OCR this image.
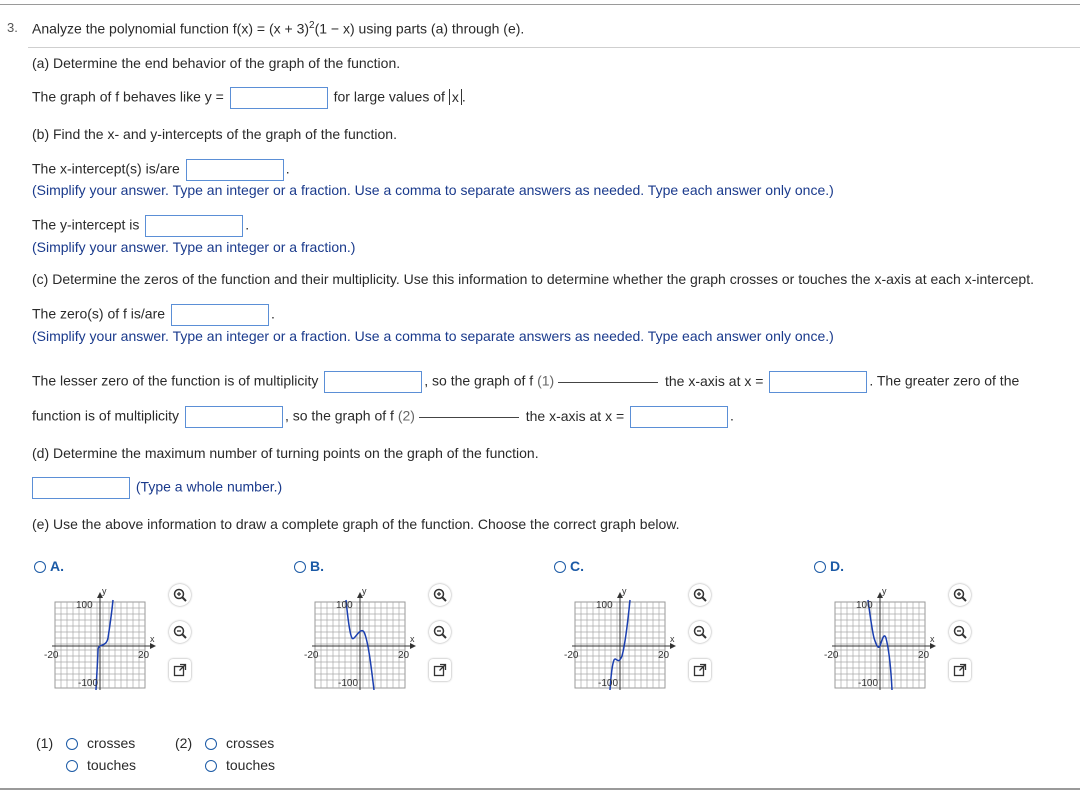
3. Analyze the polynomial function $f(x) = (x + 3)^2(1 - x)$ using parts (a) through (e).
(a) Determine the end behavior of the graph of the function.
The graph of f behaves like y =	for large values of x .
(b) Find the x- and y-intercepts of the graph of the function.
The x-intercept(s) is/are	.
(Simplify your answer. Type an integer or a fraction. Use a comma to separate answers as needed. Type each answer only once.)
The y-intercept is	.
(Simplify your answer. Type an integer or a fraction.)
(c) Determine the zeros of the function and their multiplicity. Use this information to determine whether the graph crosses or touches the x-axis at each x-intercept.
The zero(s) of f is/are	.
(Simplify your answer. Type an integer or a fraction. Use a comma to separate answers as needed. Type each answer only once.)
The lesser zero of the function is of multiplicity	, so the graph of f (1)	the x-axis at x =	. The greater zero of the
function is of multiplicity	, so the graph of f (2)	the x-axis at x =	.
(d) Determine the maximum number of turning points on the graph of the function.
(Type a whole number.)
(e) Use the above information to draw a complete graph of the function. Choose the correct graph below.
A.
y
x
100
-100
-20	20
B.
y
x
100
-100
-20	20
C.
y
x
100
-100
-20	20
D.
y
x
100
-100
-20	20
(1)	crosses
touches
(2)	crosses
touches
